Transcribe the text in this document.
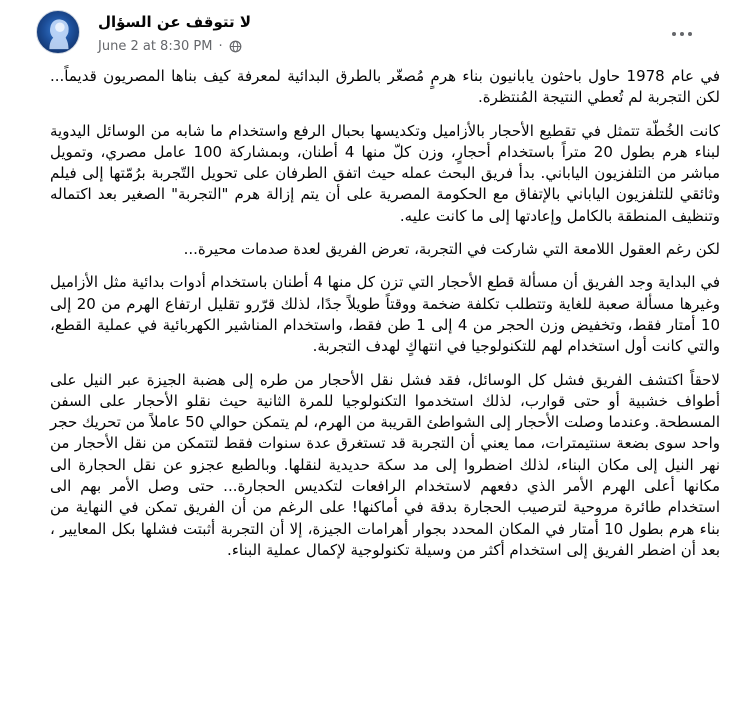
لا تتوقف عن السؤال
June 2 at 8:30 PM ·

في عام 1978 حاول باحثون يابانيون بناء هرمٍ مُصغّر بالطرق البدائية لمعرفة كيف بناها المصريون قديماً... لكن التجربة لم تُعطي النتيجة المُنتظرة.

كانت الخُطّة تتمثل في تقطيع الأحجار بالأزاميل وتكديسها بحبال الرفع واستخدام ما شابه من الوسائل اليدوية لبناء هرم بطول 20 متراً باستخدام أحجارٍ، وزن كلّ منها 4 أطنان، وبمشاركة 100 عامل مصري، وتمويل مباشر من التلفزيون الياباني. بدأ فريق البحث عمله حيث اتفق الطرفان على تحويل التّجربة برُمّتها إلى فيلم وثائقي للتلفزيون الياباني بالإتفاق مع الحكومة المصرية على أن يتم إزالة هرم "التجربة" الصغير بعد اكتماله وتنظيف المنطقة بالكامل وإعادتها إلى ما كانت عليه.

لكن رغم العقول اللامعة التي شاركت في التجربة، تعرض الفريق لعدة صدمات محيرة...

في البداية وجد الفريق أن مسألة قطع الأحجار التي تزن كل منها 4 أطنان باستخدام أدوات بدائية مثل الأزاميل وغيرها مسألة صعبة للغاية وتتطلب تكلفة ضخمة ووقتاً طويلاً جدًا، لذلك قرّرو تقليل ارتفاع الهرم من 20 إلى 10 أمتار فقط، وتخفيض وزن الحجر من 4 إلى 1 طن فقط، واستخدام المناشير الكهربائية في عملية القطع، والتي كانت أول استخدام لهم للتكنولوجيا في انتهاكٍ لهدف التجربة.

لاحقاً اكتشف الفريق فشل كل الوسائل، فقد فشل نقل الأحجار من طره إلى هضبة الجيزة عبر النيل على أطواف خشبية أو حتى قوارب، لذلك استخدموا التكنولوجيا للمرة الثانية حيث نقلو الأحجار على السفن المسطحة. وعندما وصلت الأحجار إلى الشواطئ القريبة من الهرم، لم يتمكن حوالي 50 عاملاً من تحريك حجر واحد سوى بضعة سنتيمترات، مما يعني أن التجربة قد تستغرق عدة سنوات فقط لتتمكن من نقل الأحجار من نهر النيل إلى مكان البناء، لذلك اضطروا إلى مد سكة حديدية لنقلها. وبالطبع عجزو عن نقل الحجارة الى مكانها أعلى الهرم الأمر الذي دفعهم لاستخدام الرافعات لتكديس الحجارة... حتى وصل الأمر بهم الى استخدام طائرة مروحية لترصيب الحجارة بدقة في أماكنها! على الرغم من أن الفريق تمكن في النهاية من بناء هرم بطول 10 أمتار في المكان المحدد بجوار أهرامات الجيزة، إلا أن التجربة أثبتت فشلها بكل المعايير ، بعد أن اضطر الفريق إلى استخدام أكثر من وسيلة تكنولوجية لإكمال عملية البناء.
